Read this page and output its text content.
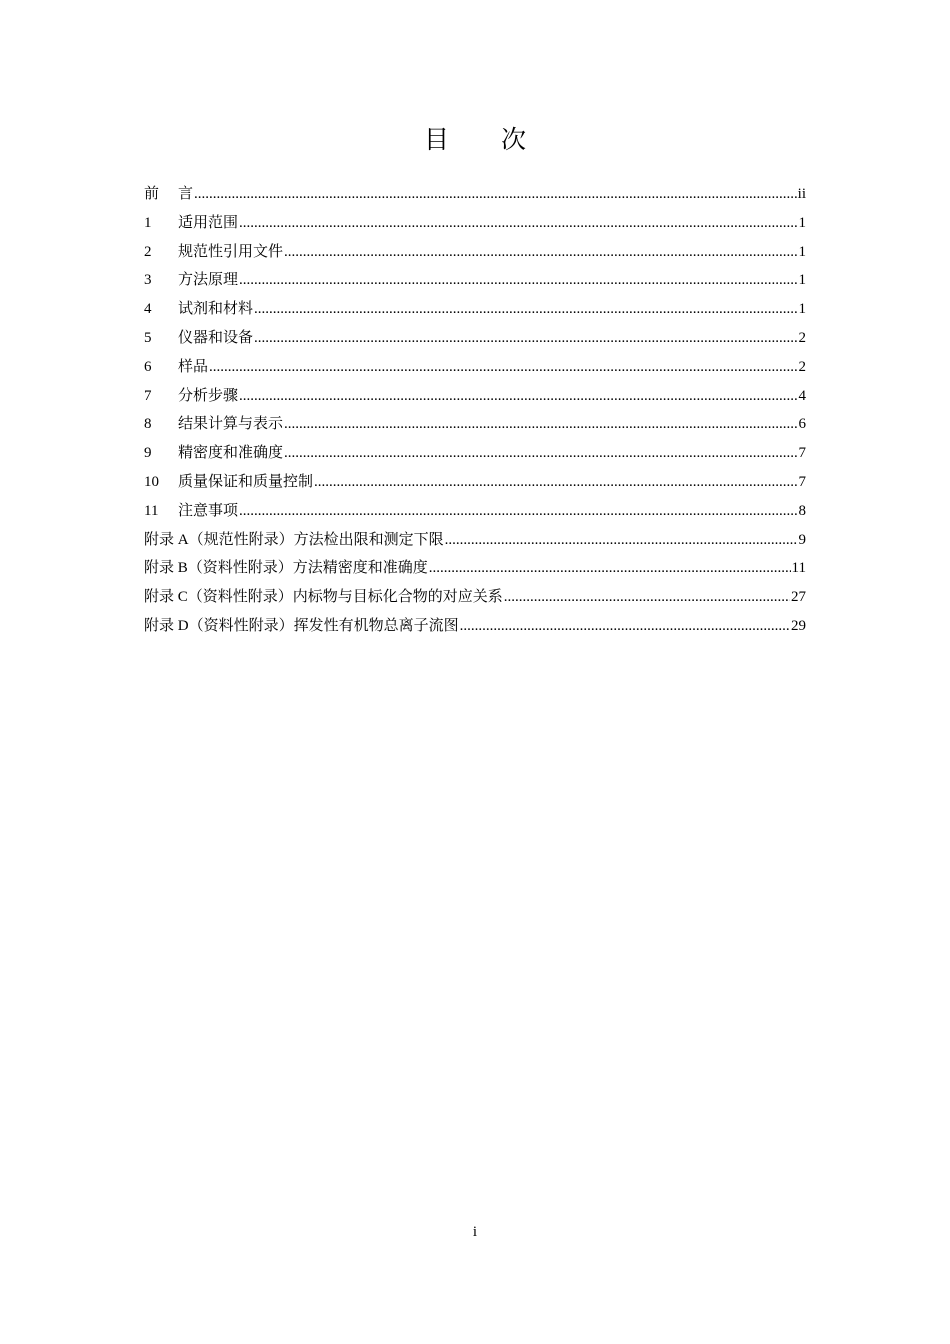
目 次
前	言 .....	ii
1	适用范围 .....	1
2	规范性引用文件 .....	1
3	方法原理 .....	1
4	试剂和材料 .....	1
5	仪器和设备 .....	2
6	样品 .....	2
7	分析步骤 .....	4
8	结果计算与表示 .....	6
9	精密度和准确度 .....	7
10	质量保证和质量控制 .....	7
11	注意事项 .....	8
附录 A（规范性附录）方法检出限和测定下限 .....	9
附录 B（资料性附录）方法精密度和准确度 .....	11
附录 C（资料性附录）内标物与目标化合物的对应关系 .....	27
附录 D（资料性附录）挥发性有机物总离子流图 .....	29
i
